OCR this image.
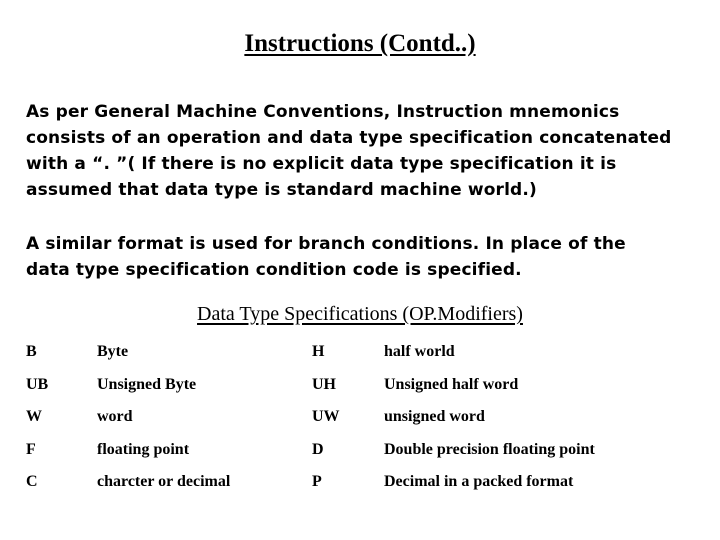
Instructions (Contd..)

As per General Machine Conventions, Instruction mnemonics
consists of an operation and data type specification concatenated
with a “. ”( If there is no explicit data type specification it is
assumed that data type is standard machine world.)

A similar format is used for branch conditions. In place of the
data type specification condition code is specified.

Data Type Specifications (OP.Modifiers)
B	Byte	H	half world
UB	Unsigned Byte	UH	Unsigned half word
W	word	UW	unsigned word
F	floating point	D	Double precision floating point
C	charcter or decimal	P	Decimal in a packed format
